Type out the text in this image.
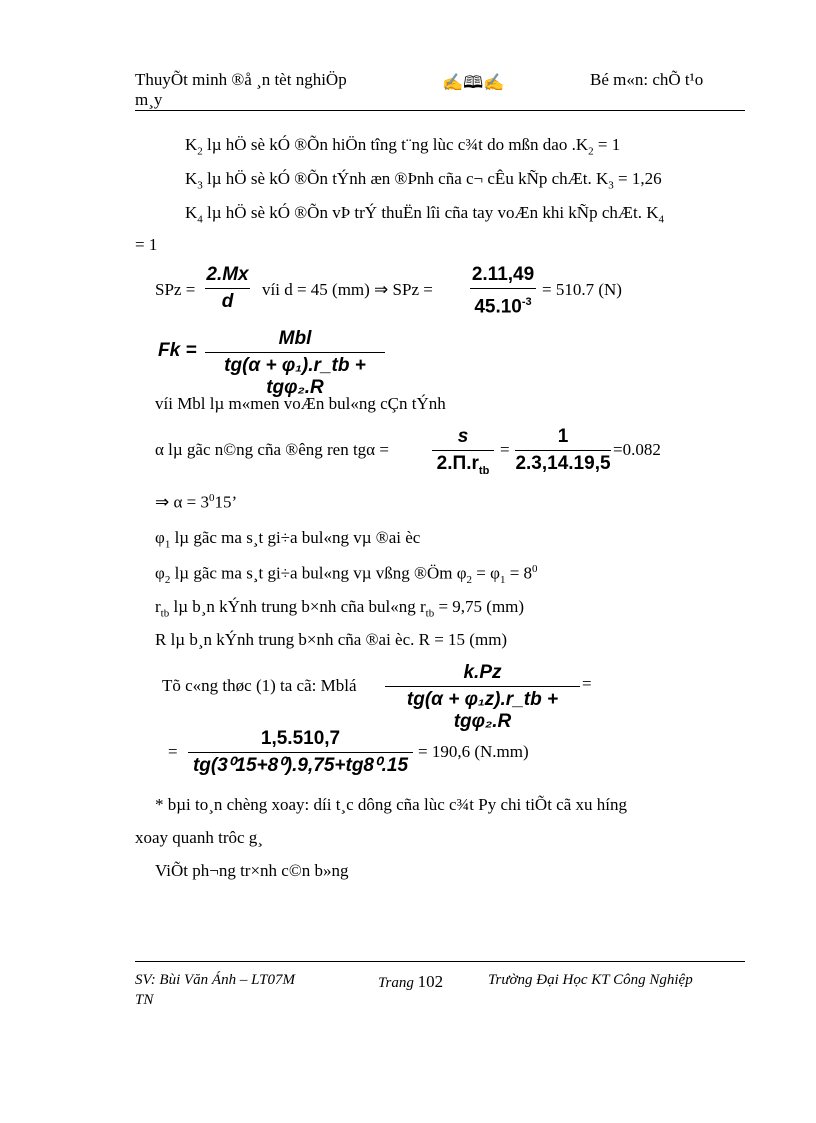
ThuyÕt minh ®å ¸n tèt nghiÖp
m¸y
✍🕮✍	Bé m«n: chÕ t¹o
$K_2$ lµ hÖ sè kÓ ®Õn hiÖn tîng t¨ng lùc c¾t do mßn dao $.K_2 = 1$
$K_3$ lµ hÖ sè kÓ ®Õn tÝnh æn ®Þnh cña c¬ cÊu kÑp chÆt. $K_3 = 1,26$
$K_4$ lµ hÖ sè kÓ ®Õn vÞ trÝ thuËn lîi cña tay voÆn khi kÑp chÆt. $K_4$
= 1
SPz =
2.Mx
d
víi d = 45 (mm) ⇒ SPz =
2.11,49
$45.10^{-3}$
= 510.7 (N)
Fk =
Mbl
tg(α + φ₁).r_tb + tgφ₂.R
víi Mbl lµ m«men voÆn bul«ng cÇn tÝnh
α lµ gãc n©ng cña ®êng ren tgα =
s
$2.\Pi.r_{tb}$
=
1
2.3,14.19,5
=0.082
⇒ $\alpha = 3^015$’
$\varphi_1$ lµ gãc ma s¸t gi÷a bul«ng vµ ®ai èc
$\varphi_2$ lµ gãc ma s¸t gi÷a bul«ng vµ vßng ®Öm $\varphi_2 = \varphi_1 = 8^0$
$r_{tb}$ lµ b¸n kÝnh trung b×nh cña bul«ng $r_{tb} = 9,75$ (mm)
R lµ b¸n kÝnh trung b×nh cña ®ai èc. R = 15 (mm)
Tõ c«ng thøc (1) ta cã: Mblá
k.Pz
tg(α + φ₁z).r_tb + tgφ₂.R
=
=
1,5.510,7
tg(3⁰15+8⁰).9,75+tg8⁰.15
= 190,6 (N.mm)
* bµi to¸n chèng xoay: díi t¸c dông cña lùc c¾t Py chi tiÕt cã xu híng
xoay quanh trôc g¸
ViÕt ph¬ng tr×nh c©n b»ng
SV: Bùi Văn Ánh – LT07M
TN
Trang 102	Trường Đại Học KT Công Nghiệp
